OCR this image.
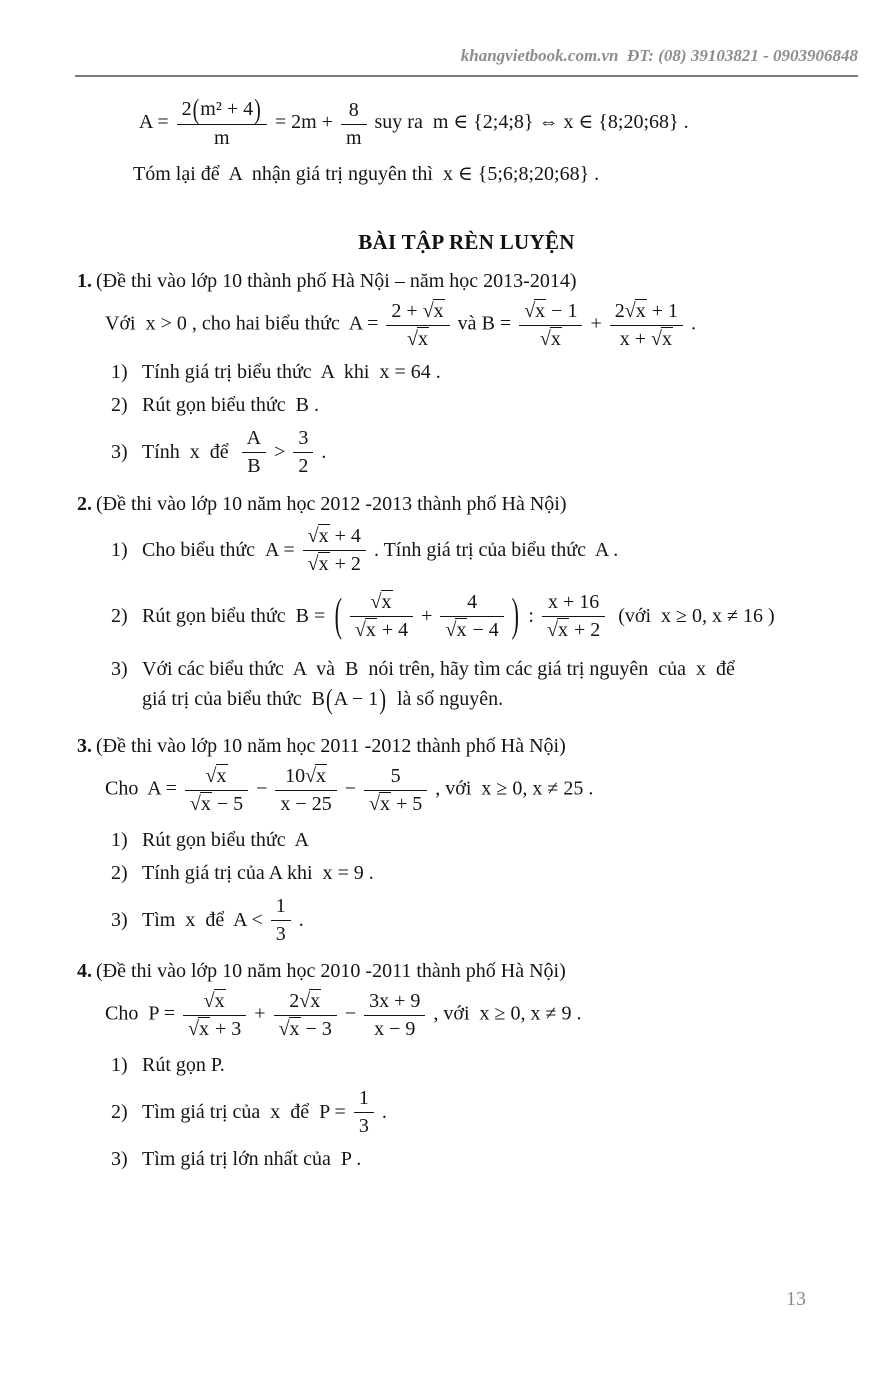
khangvietbook.com.vn  ĐT: (08) 39103821 - 0903906848
$A = \frac{\text{2(m² + 4)}}{m} = 2m + \frac{8}{m}$ suy ra  m ∈ {2;4;8} ⇔ x ∈ {8;20;68} .
Tóm lại để  A  nhận giá trị nguyên thì  x ∈ {5;6;8;20;68} .
BÀI TẬP RÈN LUYỆN
1. (Đề thi vào lớp 10 thành phố Hà Nội – năm học 2013-2014)
Với  x > 0 , cho hai biểu thức  $A = \frac{2 + √x}{√x}$ và $B = \frac{√x - 1}{√x} + \frac{2√x + 1}{x + √x}$ .
1) Tính giá trị biểu thức  A  khi  x = 64 .
2) Rút gọn biểu thức  B .
3) Tính  x  để $\frac{A}{B} > \frac{3}{2}$ .
2. (Đề thi vào lớp 10 năm học 2012 -2013 thành phố Hà Nội)
1) Cho biểu thức $A = \frac{√x + 4}{√x + 2}$ . Tính giá trị của biểu thức  A .
2) Rút gọn biểu thức B = ( $\frac{√x}{√x + 4} + \frac{4}{√x - 4}$ ) : $\frac{x + 16}{√x + 2}$ (với  x ≥ 0, x ≠ 16 )
3) Với các biểu thức  A  và  B  nói trên, hãy tìm các giá trị nguyên  của  x  để
giá trị của biểu thức  B(A − 1)  là số nguyên.
3. (Đề thi vào lớp 10 năm học 2011 -2012 thành phố Hà Nội)
Cho  $A = \frac{√x}{√x - 5} - \frac{10√x}{x - 25} - \frac{5}{√x + 5}$ , với  x ≥ 0, x ≠ 25 .
1) Rút gọn biểu thức  A
2) Tính giá trị của A khi  x = 9 .
3) Tìm  x  để  $A < \frac{1}{3}$ .
4. (Đề thi vào lớp 10 năm học 2010 -2011 thành phố Hà Nội)
Cho  $P = \frac{√x}{√x + 3} + \frac{2√x}{√x - 3} - \frac{3x + 9}{x - 9}$ , với  x ≥ 0, x ≠ 9 .
1) Rút gọn P.
2) Tìm giá trị của  x  để  $P = \frac{1}{3}$ .
3) Tìm giá trị lớn nhất của  P .
13
